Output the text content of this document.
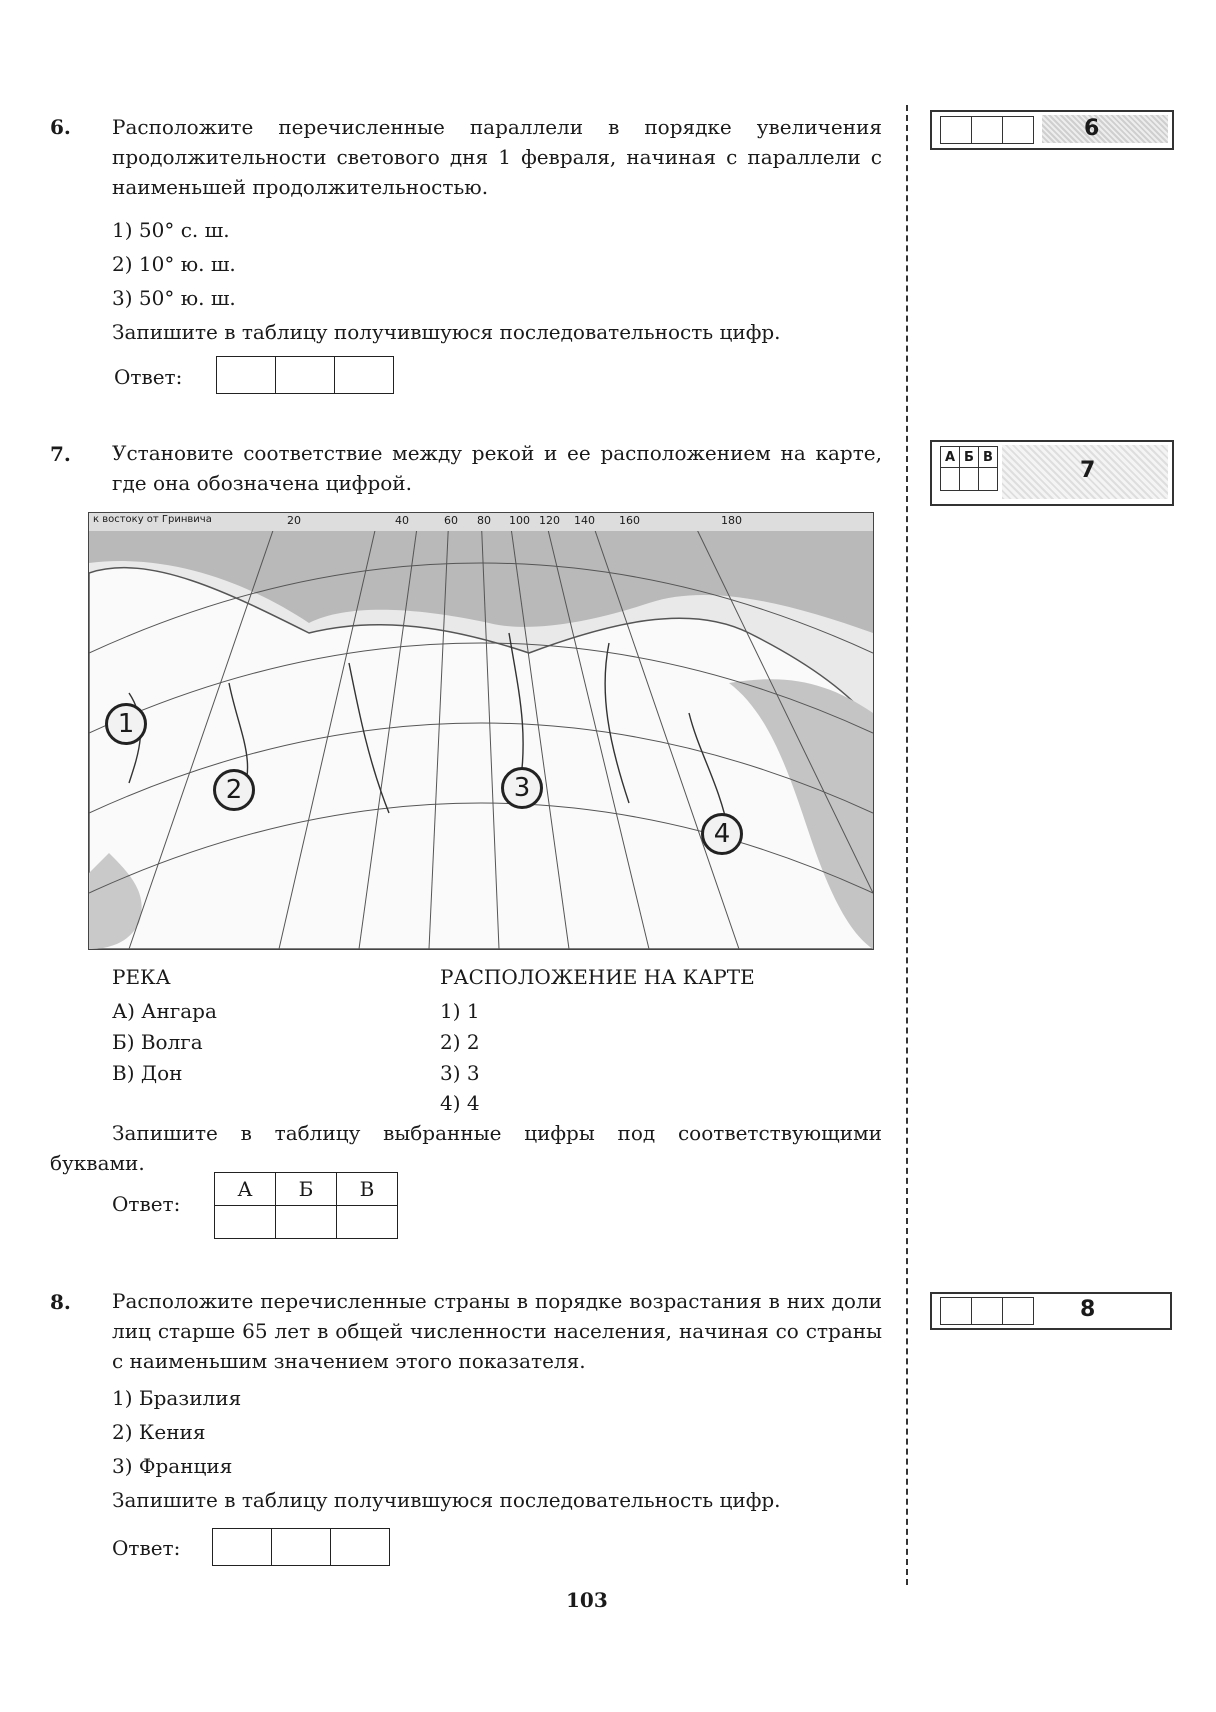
6. Расположите перечисленные параллели в порядке увеличения продолжительности светового дня 1 февраля, начиная с параллели с наименьшей продолжительностью.
1) 50° с. ш.
2) 10° ю. ш.
3) 50° ю. ш.
Запишите в таблицу получившуюся последовательность цифр.
Ответ:
6
7. Установите соответствие между рекой и ее расположением на карте, где она обозначена цифрой.
к востоку от Гринвича	20	40	60 80 100 120 140 160	180
1
2	3
4
РЕКА
А) Ангара
Б) Волга
В) Дон
РАСПОЛОЖЕНИЕ НА КАРТЕ
1) 1
2) 2
3) 3
4) 4
Запишите в таблицу выбранные цифры под соответствующими буквами.
Ответ:
А	Б	В

А	Б	В

7
8. Расположите перечисленные страны в порядке возрастания в них доли лиц старше 65 лет в общей численности населения, начиная со страны с наименьшим значением этого показателя.
1) Бразилия
2) Кения
3) Франция
Запишите в таблицу получившуюся последовательность цифр.
Ответ:
8
103
